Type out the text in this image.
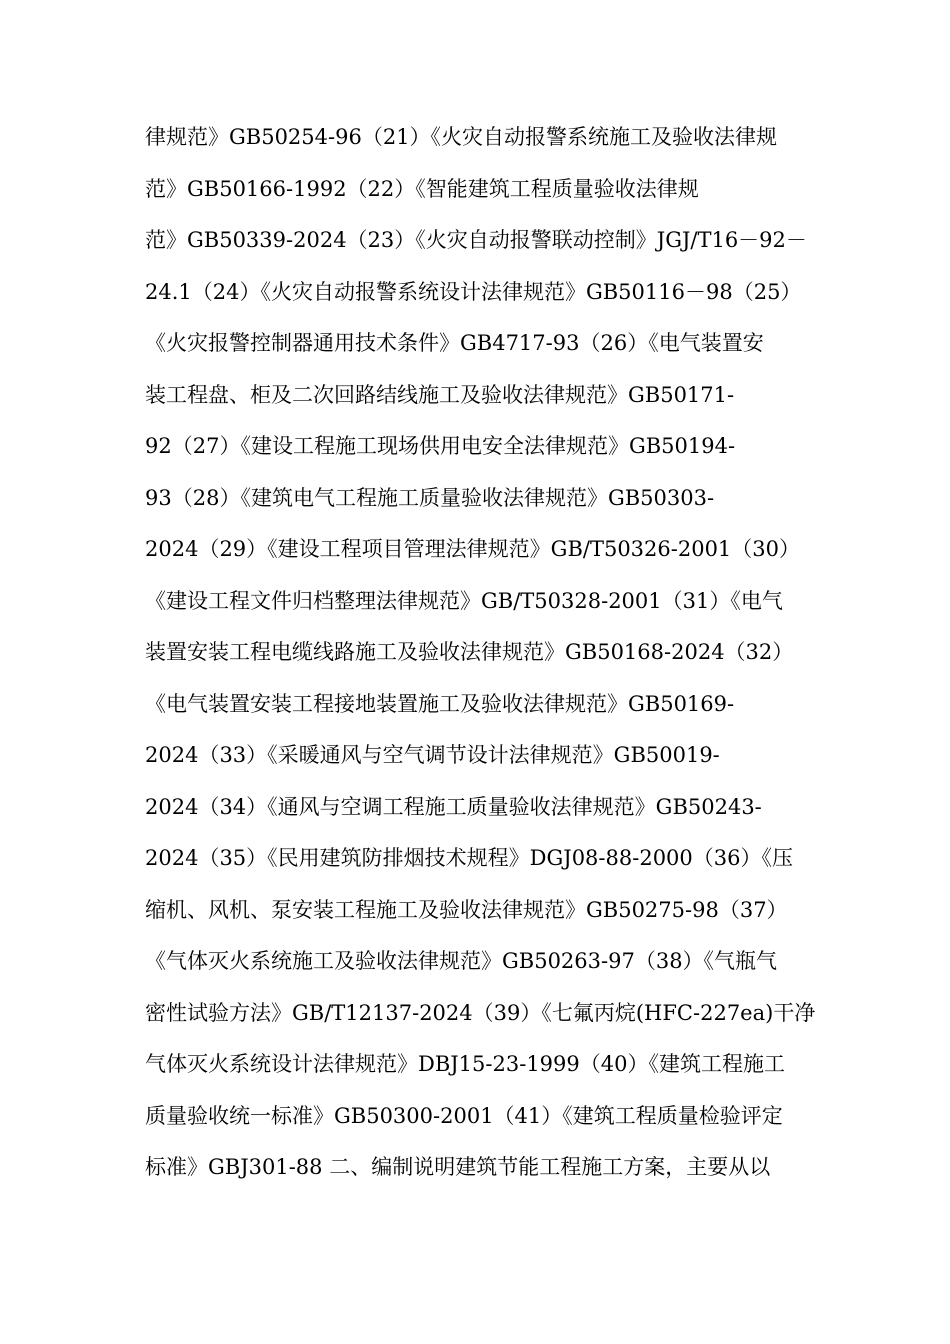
律规范》GB50254-96（21）《火灾自动报警系统施工及验收法律规
范》GB50166-1992（22）《智能建筑工程质量验收法律规
范》GB50339-2024（23）《火灾自动报警联动控制》JGJ/T16－92－
24.1（24）《火灾自动报警系统设计法律规范》GB50116－98（25）
《火灾报警控制器通用技术条件》GB4717-93（26）《电气装置安
装工程盘、柜及二次回路结线施工及验收法律规范》GB50171-
92（27）《建设工程施工现场供用电安全法律规范》GB50194-
93（28）《建筑电气工程施工质量验收法律规范》GB50303-
2024（29）《建设工程项目管理法律规范》GB/T50326-2001（30）
《建设工程文件归档整理法律规范》GB/T50328-2001（31）《电气
装置安装工程电缆线路施工及验收法律规范》GB50168-2024（32）
《电气装置安装工程接地装置施工及验收法律规范》GB50169-
2024（33）《采暖通风与空气调节设计法律规范》GB50019-
2024（34）《通风与空调工程施工质量验收法律规范》GB50243-
2024（35）《民用建筑防排烟技术规程》DGJ08-88-2000（36）《压
缩机、风机、泵安装工程施工及验收法律规范》GB50275-98（37）
《气体灭火系统施工及验收法律规范》GB50263-97（38）《气瓶气
密性试验方法》GB/T12137-2024（39）《七氟丙烷(HFC-227ea)干净
气体灭火系统设计法律规范》DBJ15-23-1999（40）《建筑工程施工
质量验收统一标准》GB50300-2001（41）《建筑工程质量检验评定
标准》GBJ301-88 二、编制说明建筑节能工程施工方案，主要从以
